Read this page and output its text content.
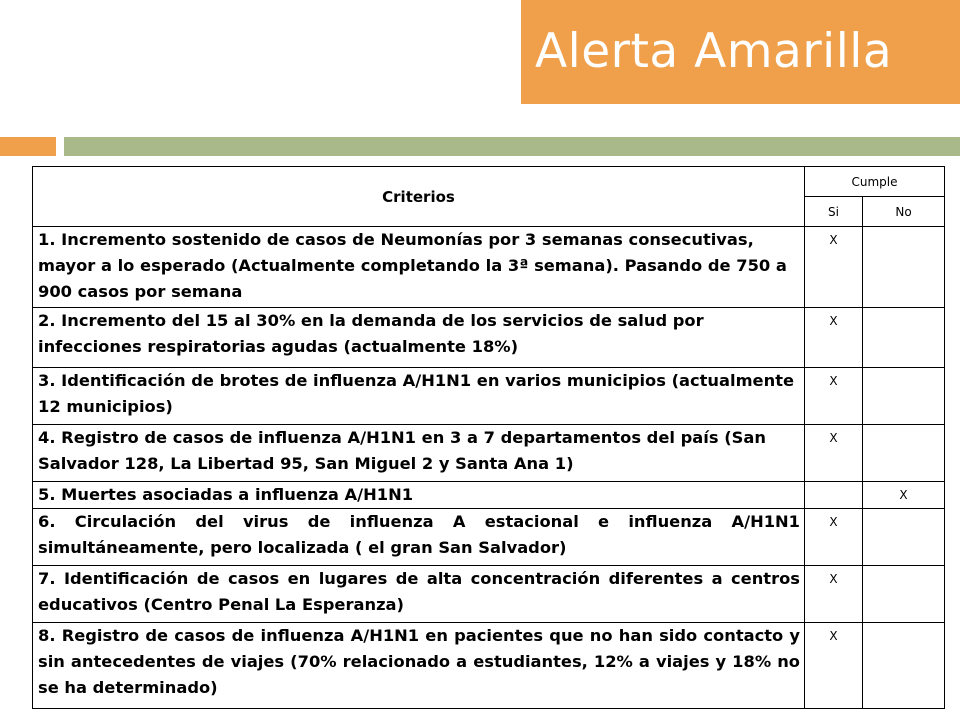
Alerta Amarilla
Criterios	Cumple	
	Si	No
1. Incremento sostenido de casos de Neumonías por 3 semanas consecutivas, mayor a lo esperado (Actualmente completando la 3ª semana). Pasando de 750 a 900 casos por semana	X	
2. Incremento del 15 al 30% en la demanda de los servicios de salud por infecciones respiratorias agudas (actualmente 18%)	X	
3. Identificación de brotes de influenza A/H1N1 en varios municipios (actualmente 12 municipios)	X	
4. Registro de casos de influenza A/H1N1 en 3 a 7 departamentos del país (San Salvador 128, La Libertad 95, San Miguel 2 y Santa Ana 1)	X	
5. Muertes asociadas a influenza A/H1N1		X
6. Circulación del virus de influenza A estacional e influenza A/H1N1 simultáneamente, pero localizada ( el gran San Salvador)	X	
7. Identificación de casos en lugares de alta concentración diferentes a centros educativos (Centro Penal La Esperanza)	X	
8. Registro de casos de influenza A/H1N1 en pacientes que no han sido contacto y sin antecedentes de viajes (70% relacionado a estudiantes, 12% a viajes y 18% no se ha determinado)	X	
